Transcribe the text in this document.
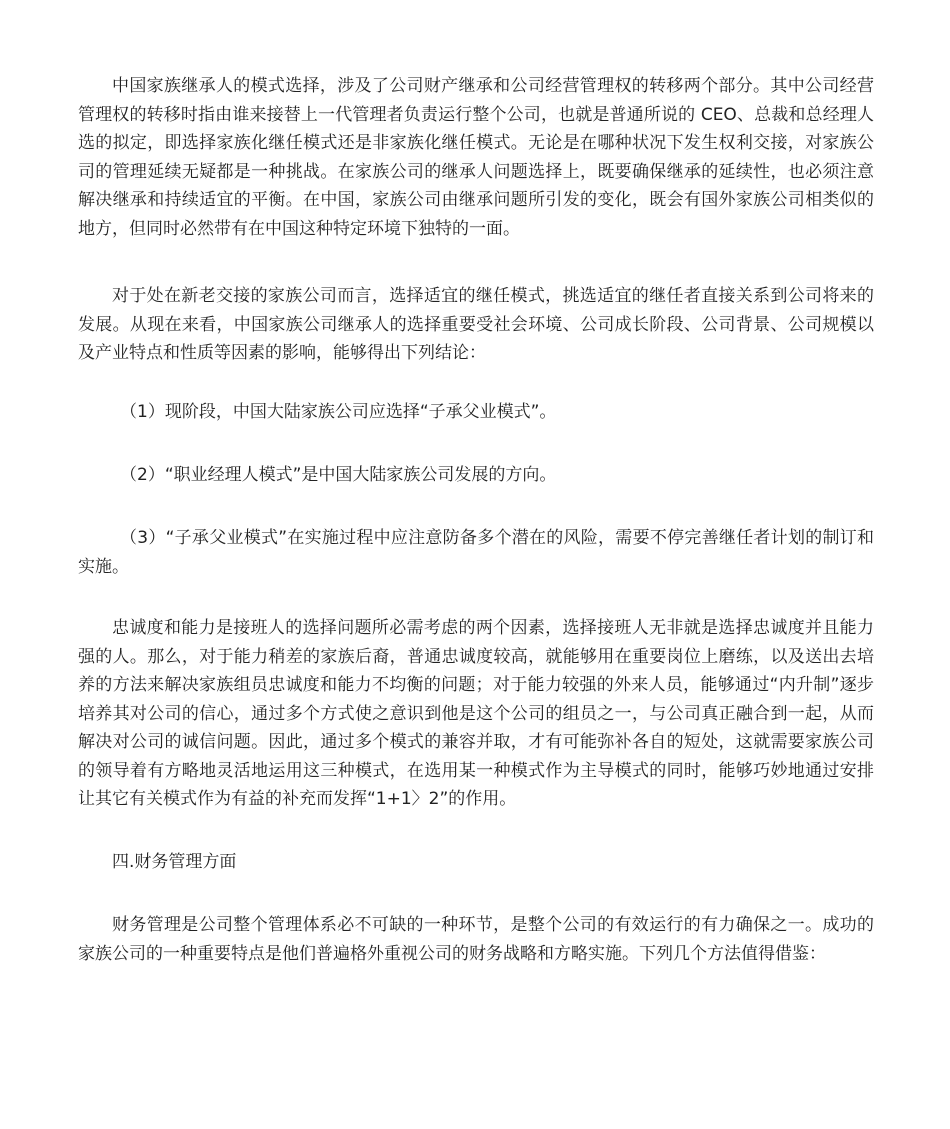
中国家族继承人的模式选择，涉及了公司财产继承和公司经营管理权的转移两个部分。其中公司经营管理权的转移时指由谁来接替上一代管理者负责运行整个公司，也就是普通所说的 CEO、总裁和总经理人选的拟定，即选择家族化继任模式还是非家族化继任模式。无论是在哪种状况下发生权利交接，对家族公司的管理延续无疑都是一种挑战。在家族公司的继承人问题选择上，既要确保继承的延续性，也必须注意解决继承和持续适宜的平衡。在中国，家族公司由继承问题所引发的变化，既会有国外家族公司相类似的地方，但同时必然带有在中国这种特定环境下独特的一面。

对于处在新老交接的家族公司而言，选择适宜的继任模式，挑选适宜的继任者直接关系到公司将来的发展。从现在来看，中国家族公司继承人的选择重要受社会环境、公司成长阶段、公司背景、公司规模以及产业特点和性质等因素的影响，能够得出下列结论：

（1）现阶段，中国大陆家族公司应选择“子承父业模式”。

（2）“职业经理人模式”是中国大陆家族公司发展的方向。

（3）“子承父业模式”在实施过程中应注意防备多个潜在的风险，需要不停完善继任者计划的制订和实施。

忠诚度和能力是接班人的选择问题所必需考虑的两个因素，选择接班人无非就是选择忠诚度并且能力强的人。那么，对于能力稍差的家族后裔，普通忠诚度较高，就能够用在重要岗位上磨练，以及送出去培养的方法来解决家族组员忠诚度和能力不均衡的问题；对于能力较强的外来人员，能够通过“内升制”逐步培养其对公司的信心，通过多个方式使之意识到他是这个公司的组员之一，与公司真正融合到一起，从而解决对公司的诚信问题。因此，通过多个模式的兼容并取，才有可能弥补各自的短处，这就需要家族公司的领导着有方略地灵活地运用这三种模式，在选用某一种模式作为主导模式的同时，能够巧妙地通过安排让其它有关模式作为有益的补充而发挥“1+1〉2”的作用。

四.财务管理方面

财务管理是公司整个管理体系必不可缺的一种环节，是整个公司的有效运行的有力确保之一。成功的家族公司的一种重要特点是他们普遍格外重视公司的财务战略和方略实施。下列几个方法值得借鉴：
